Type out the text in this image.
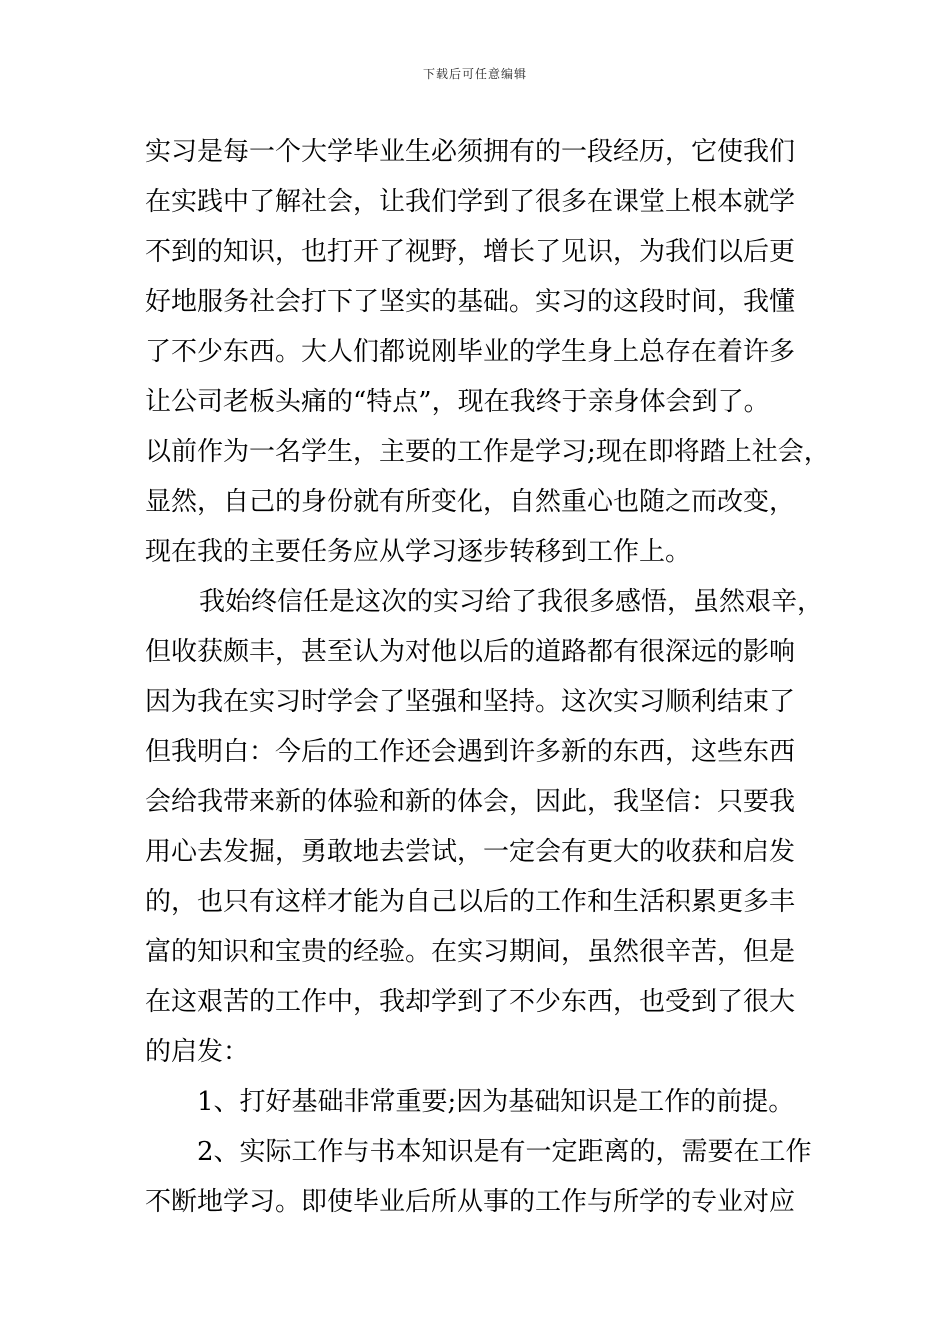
下载后可任意编辑
实习是每一个大学毕业生必须拥有的一段经历，它使我们
在实践中了解社会，让我们学到了很多在课堂上根本就学
不到的知识，也打开了视野，增长了见识，为我们以后更
好地服务社会打下了坚实的基础。实习的这段时间，我懂
了不少东西。大人们都说刚毕业的学生身上总存在着许多
让公司老板头痛的“特点”，现在我终于亲身体会到了。
以前作为一名学生，主要的工作是学习;现在即将踏上社会，
显然，自己的身份就有所变化，自然重心也随之而改变，
现在我的主要任务应从学习逐步转移到工作上。
我始终信任是这次的实习给了我很多感悟，虽然艰辛，
但收获颇丰，甚至认为对他以后的道路都有很深远的影响
因为我在实习时学会了坚强和坚持。这次实习顺利结束了
但我明白：今后的工作还会遇到许多新的东西，这些东西
会给我带来新的体验和新的体会，因此，我坚信：只要我
用心去发掘，勇敢地去尝试，一定会有更大的收获和启发
的，也只有这样才能为自己以后的工作和生活积累更多丰
富的知识和宝贵的经验。在实习期间，虽然很辛苦，但是
在这艰苦的工作中，我却学到了不少东西，也受到了很大
的启发：
1、打好基础非常重要;因为基础知识是工作的前提。
2、实际工作与书本知识是有一定距离的，需要在工作
不断地学习。即使毕业后所从事的工作与所学的专业对应
